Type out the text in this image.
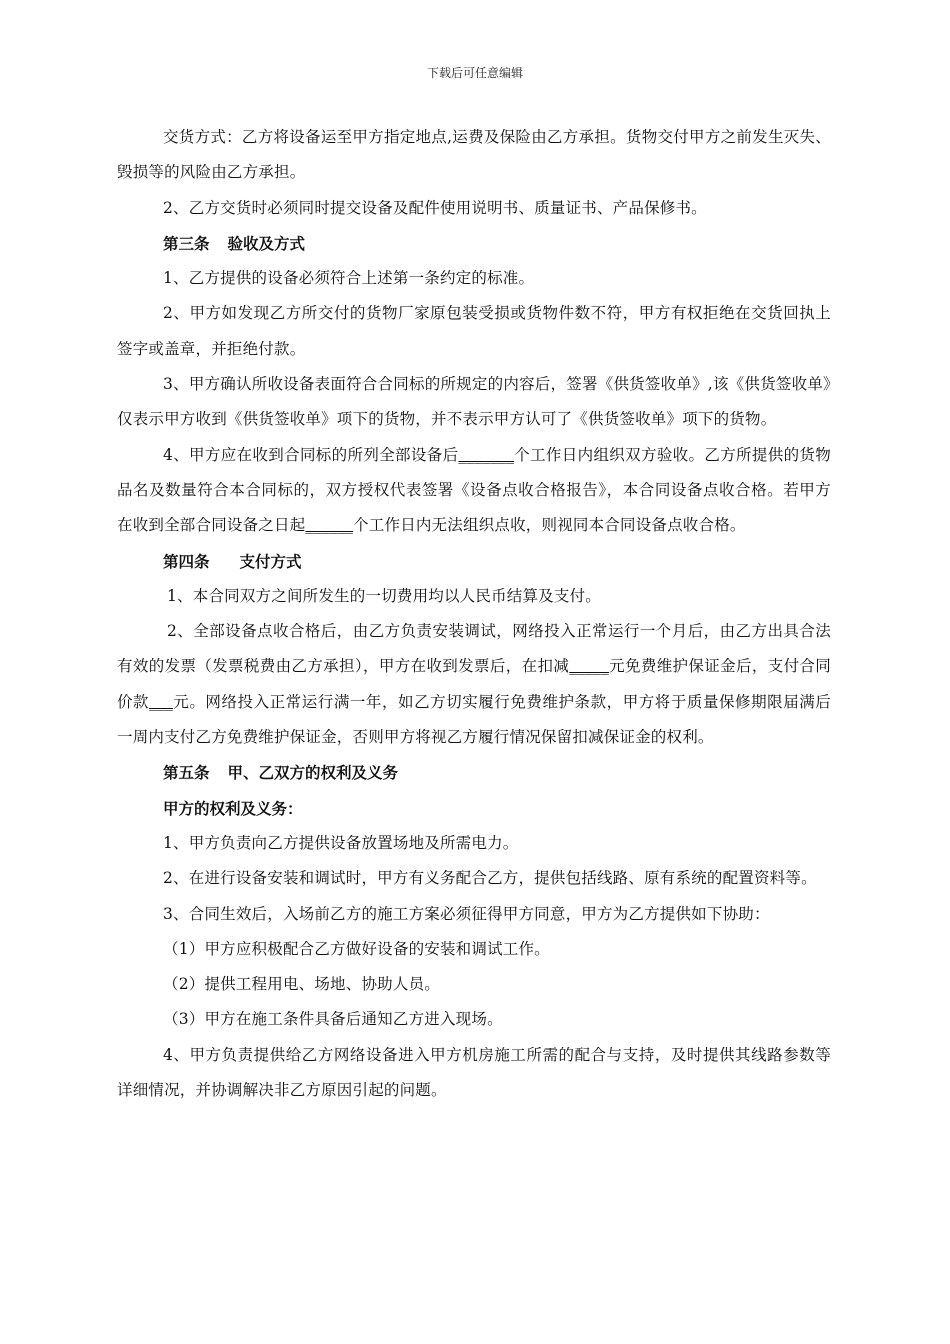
下载后可任意编辑

交货方式：乙方将设备运至甲方指定地点,运费及保险由乙方承担。货物交付甲方之前发生灭失、毁损等的风险由乙方承担。

2、乙方交货时必须同时提交设备及配件使用说明书、质量证书、产品保修书。

第三条 验收及方式

1、乙方提供的设备必须符合上述第一条约定的标准。

2、甲方如发现乙方所交付的货物厂家原包装受损或货物件数不符，甲方有权拒绝在交货回执上签字或盖章，并拒绝付款。

3、甲方确认所收设备表面符合合同标的所规定的内容后，签署《供货签收单》,该《供货签收单》仅表示甲方收到《供货签收单》项下的货物，并不表示甲方认可了《供货签收单》项下的货物。

4、甲方应在收到合同标的所列全部设备后_______个工作日内组织双方验收。乙方所提供的货物品名及数量符合本合同标的，双方授权代表签署《设备点收合格报告》，本合同设备点收合格。若甲方在收到全部合同设备之日起______个工作日内无法组织点收，则视同本合同设备点收合格。

第四条 支付方式

1、本合同双方之间所发生的一切费用均以人民币结算及支付。

2、全部设备点收合格后，由乙方负责安装调试，网络投入正常运行一个月后，由乙方出具合法有效的发票（发票税费由乙方承担），甲方在收到发票后，在扣减_____元免费维护保证金后，支付合同价款___元。网络投入正常运行满一年，如乙方切实履行免费维护条款，甲方将于质量保修期限届满后一周内支付乙方免费维护保证金，否则甲方将视乙方履行情况保留扣减保证金的权利。

第五条 甲、乙双方的权利及义务

甲方的权利及义务：

1、甲方负责向乙方提供设备放置场地及所需电力。

2、在进行设备安装和调试时，甲方有义务配合乙方，提供包括线路、原有系统的配置资料等。

3、合同生效后，入场前乙方的施工方案必须征得甲方同意，甲方为乙方提供如下协助：

（1）甲方应积极配合乙方做好设备的安装和调试工作。

（2）提供工程用电、场地、协助人员。

（3）甲方在施工条件具备后通知乙方进入现场。

4、甲方负责提供给乙方网络设备进入甲方机房施工所需的配合与支持，及时提供其线路参数等详细情况，并协调解决非乙方原因引起的问题。
